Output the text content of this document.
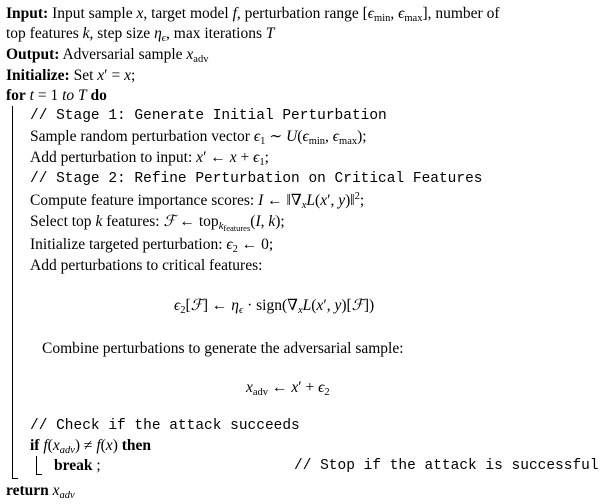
Input: Input sample x, target model f, perturbation range [$\epsilon_{min}$, $\epsilon_{max}$], number of
top features k, step size $\eta_\epsilon$, max iterations T
Output: Adversarial sample $x_{adv}$
Initialize: Set x′ = x;
for t = 1 to T do
// Stage 1: Generate Initial Perturbation
Sample random perturbation vector $\epsilon_1$ ∼ $U(\epsilon_{min}$, $\epsilon_{max}$);
Add perturbation to input: x′ ← $x + \epsilon_1$;
// Stage 2: Refine Perturbation on Critical Features
Compute feature importance scores: I ← $‖\nabla_xL(x'$, y)‖$^2$;
Select top k features: ℱ ← top$_{kfeatures}$(I, k);
Initialize targeted perturbation: $\epsilon_2$ ← 0;
Add perturbations to critical features:
$\epsilon_2[ℱ]$ ← $\eta_\epsilon$ · $sign(\nabla_xL(x'$, y)[ℱ])
Combine perturbations to generate the adversarial sample:
$x_{adv}$ ← $x' + \epsilon_2$
// Check if the attack succeeds
if $f(x_{adv}) \ne f(x)$ then
break ;	// Stop if the attack is successful
return $x_{adv}$
